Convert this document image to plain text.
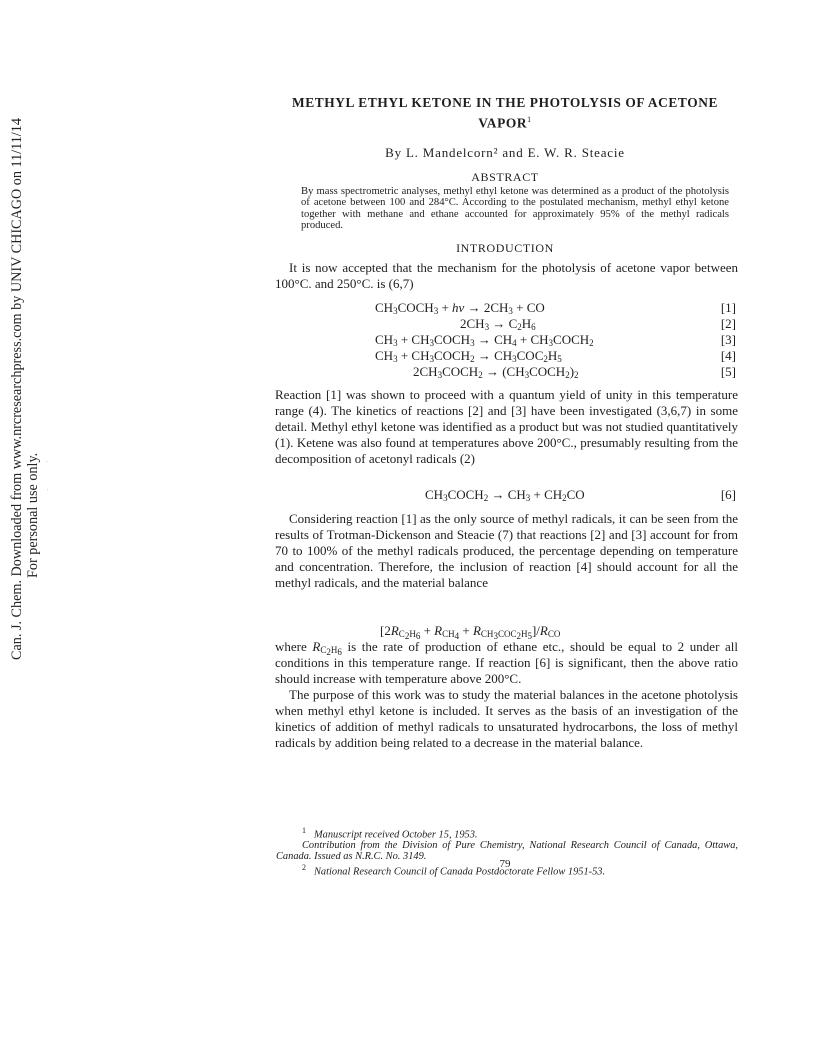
Can. J. Chem. Downloaded from www.nrcresearchpress.com by UNIV CHICAGO on 11/11/14 For personal use only.
METHYL ETHYL KETONE IN THE PHOTOLYSIS OF ACETONE
VAPOR$^1$
By L. Mandelcorn² and E. W. R. Steacie
ABSTRACT

By mass spectrometric analyses, methyl ethyl ketone was determined as a product of the photolysis of acetone between 100 and 284°C. According to the postulated mechanism, methyl ethyl ketone together with methane and ethane accounted for approximately 95% of the methyl radicals produced.

INTRODUCTION

It is now accepted that the mechanism for the photolysis of acetone vapor between 100°C. and 250°C. is (6,7)

$CH_3COCH_3 + h\nu \to 2CH_3$ + CO	[1]
$2CH_3 \to C_2H_6$	[2]
$CH_3$ + $CH_3COCH_3 \to CH_4$ + $CH_3COCH_2$	[3]
$CH_3$ + $CH_3COCH_2 \to CH_3COC_2H_5$	[4]
$2CH_3COCH_2$ → $(CH_3COCH_2)_2$	[5]

Reaction [1] was shown to proceed with a quantum yield of unity in this temperature range (4). The kinetics of reactions [2] and [3] have been investigated (3,6,7) in some detail. Methyl ethyl ketone was identified as a product but was not studied quantitatively (1). Ketene was also found at temperatures above 200°C., presumably resulting from the decomposition of acetonyl radicals (2)

$CH_3COCH_2 \to CH_3 + CH_2CO$	[6]

Considering reaction [1] as the only source of methyl radicals, it can be seen from the results of Trotman-Dickenson and Steacie (7) that reactions [2] and [3] account for from 70 to 100% of the methyl radicals produced, the percentage depending on temperature and concentration. Therefore, the inclusion of reaction [4] should account for all the methyl radicals, and the material balance

$[2R_{C_2H_6} + R_{CH_4} + R_{CH_3COC_2H_5}]/R_{CO}$

where $R_{C_2H_6}$ is the rate of production of ethane etc., should be equal to 2 under all conditions in this temperature range. If reaction [6] is significant, then the above ratio should increase with temperature above 200°C.

The purpose of this work was to study the material balances in the acetone photolysis when methyl ethyl ketone is included. It serves as the basis of an investigation of the kinetics of addition of methyl radicals to unsaturated hydrocarbons, the loss of methyl radicals by addition being related to a decrease in the material balance.

$^1$ Manuscript received October 15, 1953.

Contribution from the Division of Pure Chemistry, National Research Council of Canada, Ottawa, Canada. Issued as N.R.C. No. 3149.

$^2$ National Research Council of Canada Postdoctorate Fellow 1951-53.

79
˙
ˌ
